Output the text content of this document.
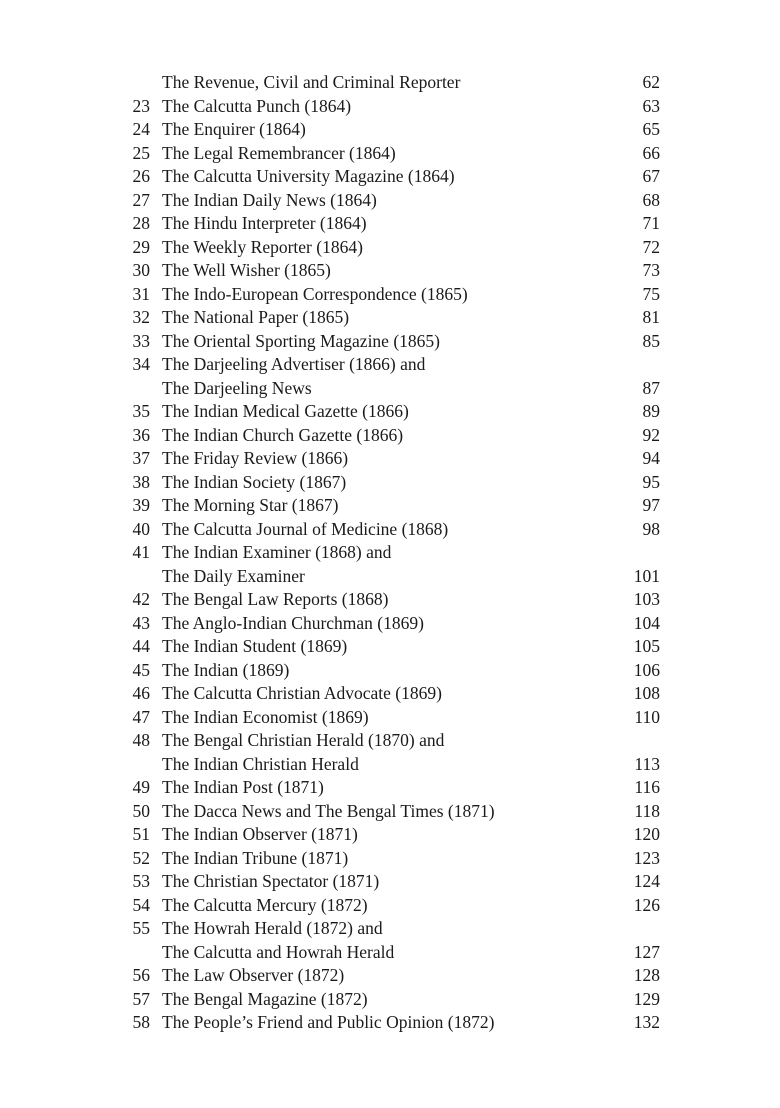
The Revenue, Civil and Criminal Reporter	62
23 The Calcutta Punch (1864)	63
24 The Enquirer (1864)	65
25 The Legal Remembrancer (1864)	66
26 The Calcutta University Magazine (1864)	67
27 The Indian Daily News (1864)	68
28 The Hindu Interpreter (1864)	71
29 The Weekly Reporter (1864)	72
30 The Well Wisher (1865)	73
31 The Indo-European Correspondence (1865)	75
32 The National Paper (1865)	81
33 The Oriental Sporting Magazine (1865)	85
34 The Darjeeling Advertiser (1866) and
The Darjeeling News	87
35 The Indian Medical Gazette (1866)	89
36 The Indian Church Gazette (1866)	92
37 The Friday Review (1866)	94
38 The Indian Society (1867)	95
39 The Morning Star (1867)	97
40 The Calcutta Journal of Medicine (1868)	98
41 The Indian Examiner (1868) and
The Daily Examiner	101
42 The Bengal Law Reports (1868)	103
43 The Anglo-Indian Churchman (1869)	104
44 The Indian Student (1869)	105
45 The Indian (1869)	106
46 The Calcutta Christian Advocate (1869)	108
47 The Indian Economist (1869)	110
48 The Bengal Christian Herald (1870) and
The Indian Christian Herald	113
49 The Indian Post (1871)	116
50 The Dacca News and The Bengal Times (1871)	118
51 The Indian Observer (1871)	120
52 The Indian Tribune (1871)	123
53 The Christian Spectator (1871)	124
54 The Calcutta Mercury (1872)	126
55 The Howrah Herald (1872) and
The Calcutta and Howrah Herald	127
56 The Law Observer (1872)	128
57 The Bengal Magazine (1872)	129
58 The People’s Friend and Public Opinion (1872)	132
